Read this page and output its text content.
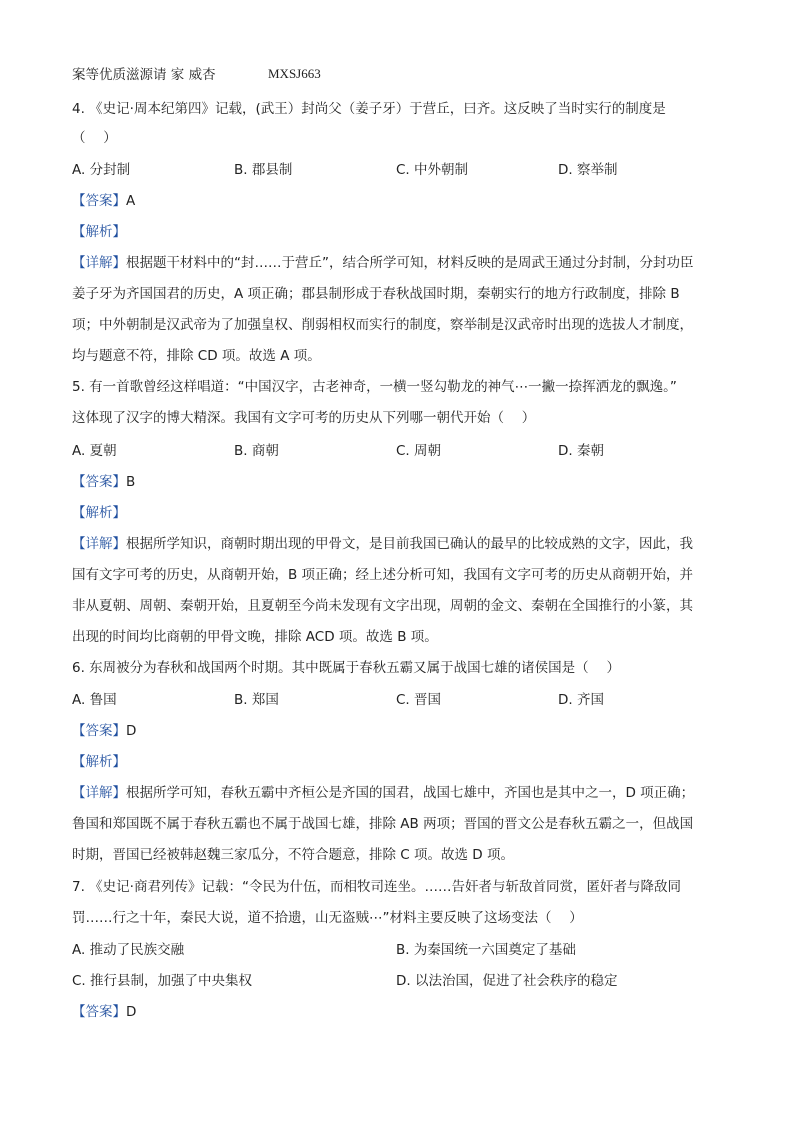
案等优质滋源请 家 威杏	MXSJ663
4. 《史记·周本纪第四》记载，(武王）封尚父（姜子牙）于营丘，曰齐。这反映了当时实行的制度是
（　 ）
A. 分封制	B. 郡县制	C. 中外朝制	D. 察举制
【答案】A
【解析】
【详解】根据题干材料中的“封……于营丘”，结合所学可知，材料反映的是周武王通过分封制，分封功臣
姜子牙为齐国国君的历史，A 项正确；郡县制形成于春秋战国时期，秦朝实行的地方行政制度，排除 B
项；中外朝制是汉武帝为了加强皇权、削弱相权而实行的制度，察举制是汉武帝时出现的选拔人才制度，
均与题意不符，排除 CD 项。故选 A 项。
5. 有一首歌曾经这样唱道：“中国汉字，古老神奇，一横一竖勾勒龙的神气⋯一撇一捺挥洒龙的飘逸。”
这体现了汉字的博大精深。我国有文字可考的历史从下列哪一朝代开始（　 ）
A. 夏朝	B. 商朝	C. 周朝	D. 秦朝
【答案】B
【解析】
【详解】根据所学知识，商朝时期出现的甲骨文，是目前我国已确认的最早的比较成熟的文字，因此，我
国有文字可考的历史，从商朝开始，B 项正确；经上述分析可知，我国有文字可考的历史从商朝开始，并
非从夏朝、周朝、秦朝开始，且夏朝至今尚未发现有文字出现，周朝的金文、秦朝在全国推行的小篆，其
出现的时间均比商朝的甲骨文晚，排除 ACD 项。故选 B 项。
6. 东周被分为春秋和战国两个时期。其中既属于春秋五霸又属于战国七雄的诸侯国是（　 ）
A. 鲁国	B. 郑国	C. 晋国	D. 齐国
【答案】D
【解析】
【详解】根据所学可知，春秋五霸中齐桓公是齐国的国君，战国七雄中，齐国也是其中之一，D 项正确；
鲁国和郑国既不属于春秋五霸也不属于战国七雄，排除 AB 两项；晋国的晋文公是春秋五霸之一，但战国
时期，晋国已经被韩赵魏三家瓜分，不符合题意，排除 C 项。故选 D 项。
7. 《史记·商君列传》记载：“令民为什伍，而相牧司连坐。……告奸者与斩敌首同赏，匿奸者与降敌同
罚……行之十年，秦民大说，道不拾遗，山无盗贼⋯”材料主要反映了这场变法（　 ）
A. 推动了民族交融	B. 为秦国统一六国奠定了基础
C. 推行县制，加强了中央集权	D. 以法治国，促进了社会秩序的稳定
【答案】D
